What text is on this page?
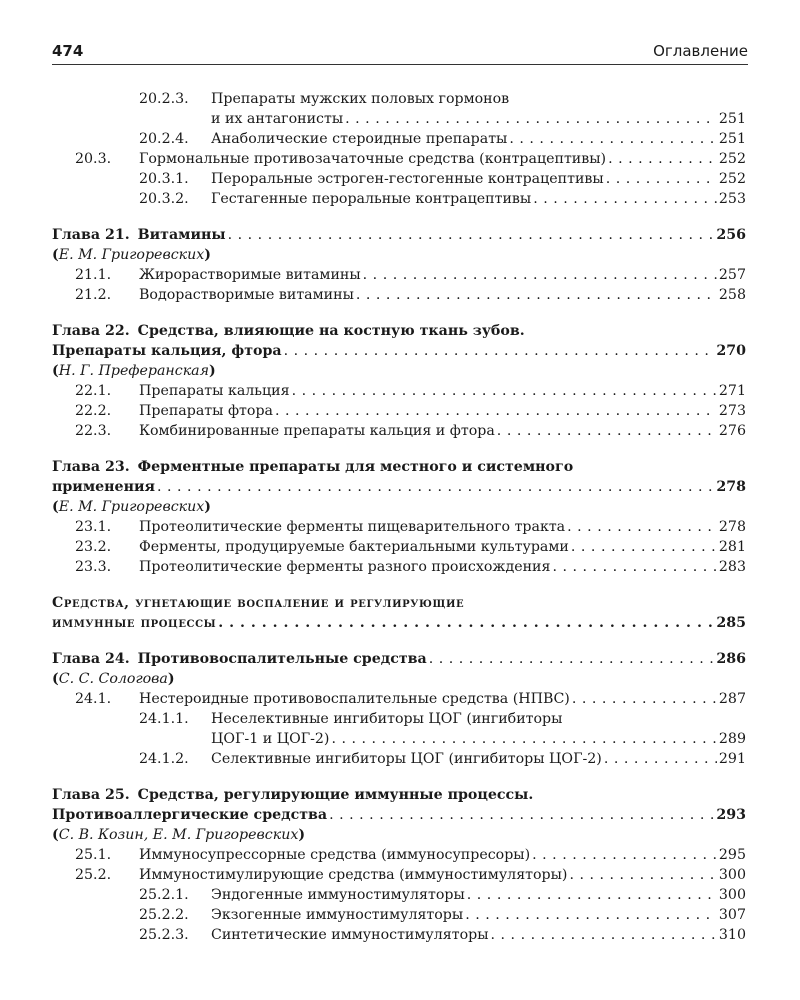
474	Оглавление
20.2.3.	Препараты мужских половых гормонов
и их антагонисты . . .	251
20.2.4.	Анаболические стероидные препараты . . .	251
20.3.	Гормональные противозачаточные средства (контрацептивы) . . .	252
20.3.1.	Пероральные эстроген-гестогенные контрацептивы . . .	252
20.3.2.	Гестагенные пероральные контрацептивы . . .	253
Глава 21. Витамины . . .	256
(Е. М. Григоревских)
21.1.	Жирорастворимые витамины . . .	257
21.2.	Водорастворимые витамины . . .	258
Глава 22. Средства, влияющие на костную ткань зубов.
Препараты кальция, фтора . . .	270
(Н. Г. Преферанская)
22.1.	Препараты кальция . . .	271
22.2.	Препараты фтора . . .	273
22.3.	Комбинированные препараты кальция и фтора . . .	276
Глава 23. Ферментные препараты для местного и системного
применения . . .	278
(Е. М. Григоревских)
23.1.	Протеолитические ферменты пищеварительного тракта . . .	278
23.2.	Ферменты, продуцируемые бактериальными культурами . . .	281
23.3.	Протеолитические ферменты разного происхождения . . .	283
Средства, угнетающие воспаление и регулирующие
иммунные процессы . . .	285
Глава 24. Противовоспалительные средства . . .	286
(С. С. Сологова)
24.1.	Нестероидные противовоспалительные средства (НПВС) . . .	287
24.1.1.	Неселективные ингибиторы ЦОГ (ингибиторы
ЦОГ-1 и ЦОГ-2) . . .	289
24.1.2.	Селективные ингибиторы ЦОГ (ингибиторы ЦОГ-2) . . .	291
Глава 25. Средства, регулирующие иммунные процессы.
Противоаллергические средства . . .	293
(С. В. Козин, Е. М. Григоревских)
25.1.	Иммуносупрессорные средства (иммуносупресоры) . . .	295
25.2.	Иммуностимулирующие средства (иммуностимуляторы) . . .	300
25.2.1.	Эндогенные иммуностимуляторы . . .	300
25.2.2.	Экзогенные иммуностимуляторы . . .	307
25.2.3.	Синтетические иммуностимуляторы . . .	310
